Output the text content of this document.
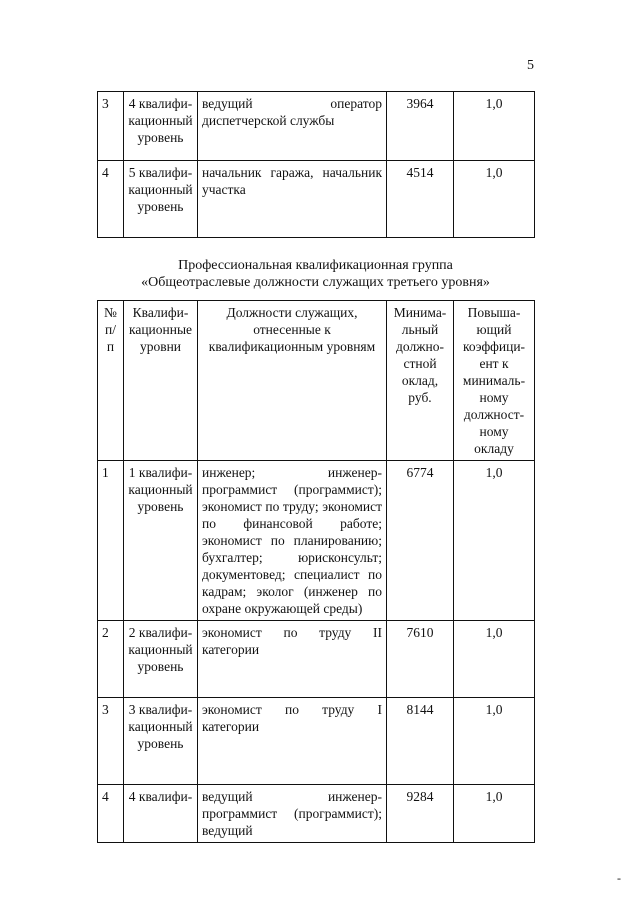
5
3	4 квалифи-кационный уровень	ведущий оператор диспетчерской службы	3964	1,0
4	5 квалифи-кационный уровень	начальник гаража, начальник участка	4514	1,0
Профессиональная квалификационная группа
«Общеотраслевые должности служащих третьего уровня»
№ п/п	Квалифи-кационные уровни	Должности служащих, отнесенные к квалификационным уровням	Минима-льный должно-стной оклад, руб.	Повыша-ющий коэффици-ент к минималь-ному должност-ному окладу
1	1 квалифи-кационный уровень	инженер; инженер-программист (программист); экономист по труду; экономист по финансовой работе; экономист по планированию; бухгалтер; юрисконсульт; документовед; специалист по кадрам; эколог (инженер по охране окружающей среды)	6774	1,0
2	2 квалифи-кационный уровень	экономист по труду II категории	7610	1,0
3	3 квалифи-кационный уровень	экономист по труду I категории	8144	1,0
4	4 квалифи-	ведущий инженер-программист (программист); ведущий	9284	1,0
-
